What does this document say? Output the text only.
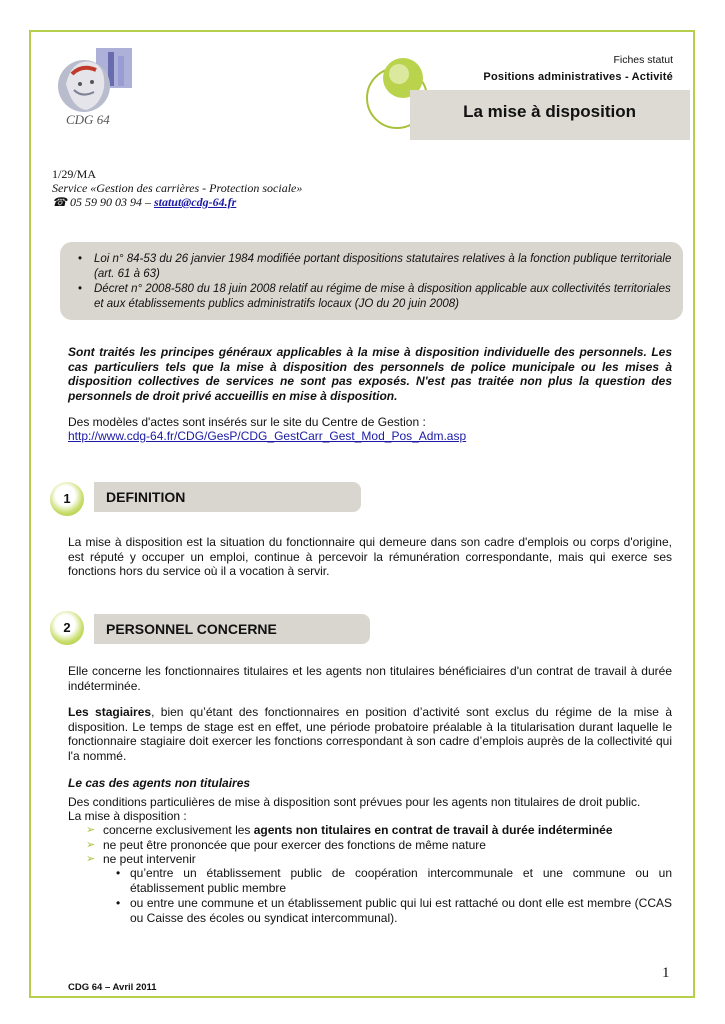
CDG 64
Fiches statut
Positions administratives - Activité
La mise à disposition
1/29/MA
Service «Gestion des carrières - Protection sociale»
☎ 05 59 90 03 94 – statut@cdg-64.fr
• Loi n° 84-53 du 26 janvier 1984 modifiée portant dispositions statutaires relatives à la fonction publique territoriale (art. 61 à 63)
• Décret n° 2008-580 du 18 juin 2008 relatif au régime de mise à disposition applicable aux collectivités territoriales et aux établissements publics administratifs locaux (JO du 20 juin 2008)
Sont traités les principes généraux applicables à la mise à disposition individuelle des personnels. Les cas particuliers tels que la mise à disposition des personnels de police municipale ou les mises à disposition collectives de services ne sont pas exposés. N'est pas traitée non plus la question des personnels de droit privé accueillis en mise à disposition.
Des modèles d'actes sont insérés sur le site du Centre de Gestion :
http://www.cdg-64.fr/CDG/GesP/CDG_GestCarr_Gest_Mod_Pos_Adm.asp
1	DEFINITION
La mise à disposition est la situation du fonctionnaire qui demeure dans son cadre d'emplois ou corps d'origine, est réputé y occuper un emploi, continue à percevoir la rémunération correspondante, mais qui exerce ses fonctions hors du service où il a vocation à servir.
2	PERSONNEL CONCERNE
Elle concerne les fonctionnaires titulaires et les agents non titulaires bénéficiaires d'un contrat de travail à durée indéterminée.
Les stagiaires, bien qu’étant des fonctionnaires en position d’activité sont exclus du régime de la mise à disposition. Le temps de stage est en effet, une période probatoire préalable à la titularisation durant laquelle le fonctionnaire stagiaire doit exercer les fonctions correspondant à son cadre d’emplois auprès de la collectivité qui l'a nommé.
Le cas des agents non titulaires
Des conditions particulières de mise à disposition sont prévues pour les agents non titulaires de droit public.
La mise à disposition :
➢ concerne exclusivement les agents non titulaires en contrat de travail à durée indéterminée
➢ ne peut être prononcée que pour exercer des fonctions de même nature
➢ ne peut intervenir
• qu’entre un établissement public de coopération intercommunale et une commune ou un établissement public membre
• ou entre une commune et un établissement public qui lui est rattaché ou dont elle est membre (CCAS ou Caisse des écoles ou syndicat intercommunal).
1
CDG 64 – Avril 2011
